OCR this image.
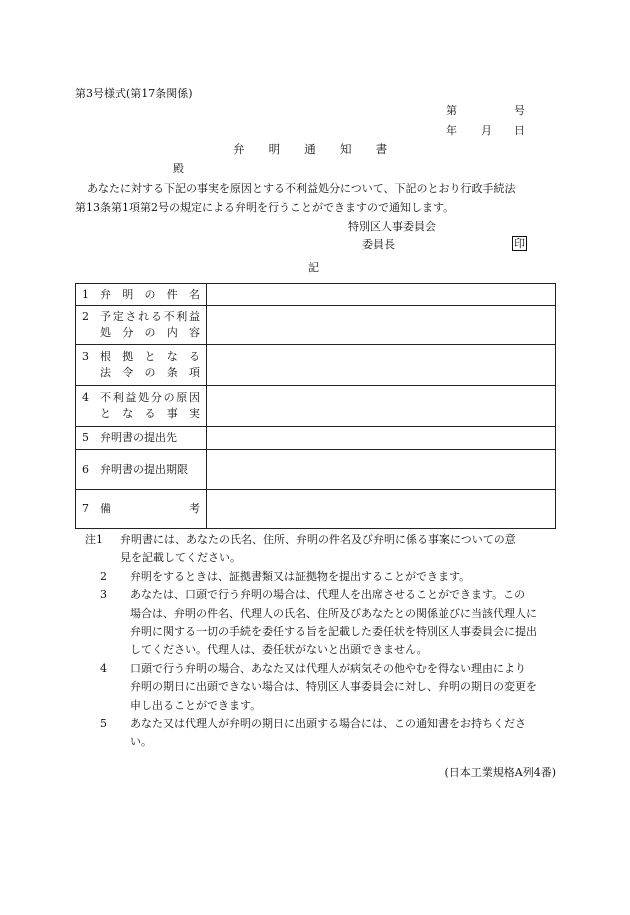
第3号様式(第17条関係)
第	号
年 月 日
弁明通知書
殿
あなたに対する下記の事実を原因とする不利益処分について、下記のとおり行政手続法
第13条第1項第2号の規定による弁明を行うことができますので通知します。
特別区人事委員会
委員長	印
記
1 弁明の件名	

2 予定される不利益
処分の内容	

3 根拠となる
法令の条項	

4 不利益処分の原因
となる事実	

5 弁明書の提出先	

6 弁明書の提出期限	

7 備考	

注1	弁明書には、あなたの氏名、住所、弁明の件名及び弁明に係る事案についての意
見を記載してください。
2	弁明をするときは、証拠書類又は証拠物を提出することができます。
3	あなたは、口頭で行う弁明の場合は、代理人を出席させることができます。この
場合は、弁明の件名、代理人の氏名、住所及びあなたとの関係並びに当該代理人に
弁明に関する一切の手続を委任する旨を記載した委任状を特別区人事委員会に提出
してください。代理人は、委任状がないと出頭できません。
4	口頭で行う弁明の場合、あなた又は代理人が病気その他やむを得ない理由により
弁明の期日に出頭できない場合は、特別区人事委員会に対し、弁明の期日の変更を
申し出ることができます。
5	あなた又は代理人が弁明の期日に出頭する場合には、この通知書をお持ちくださ
い。
(日本工業規格A列4番)
